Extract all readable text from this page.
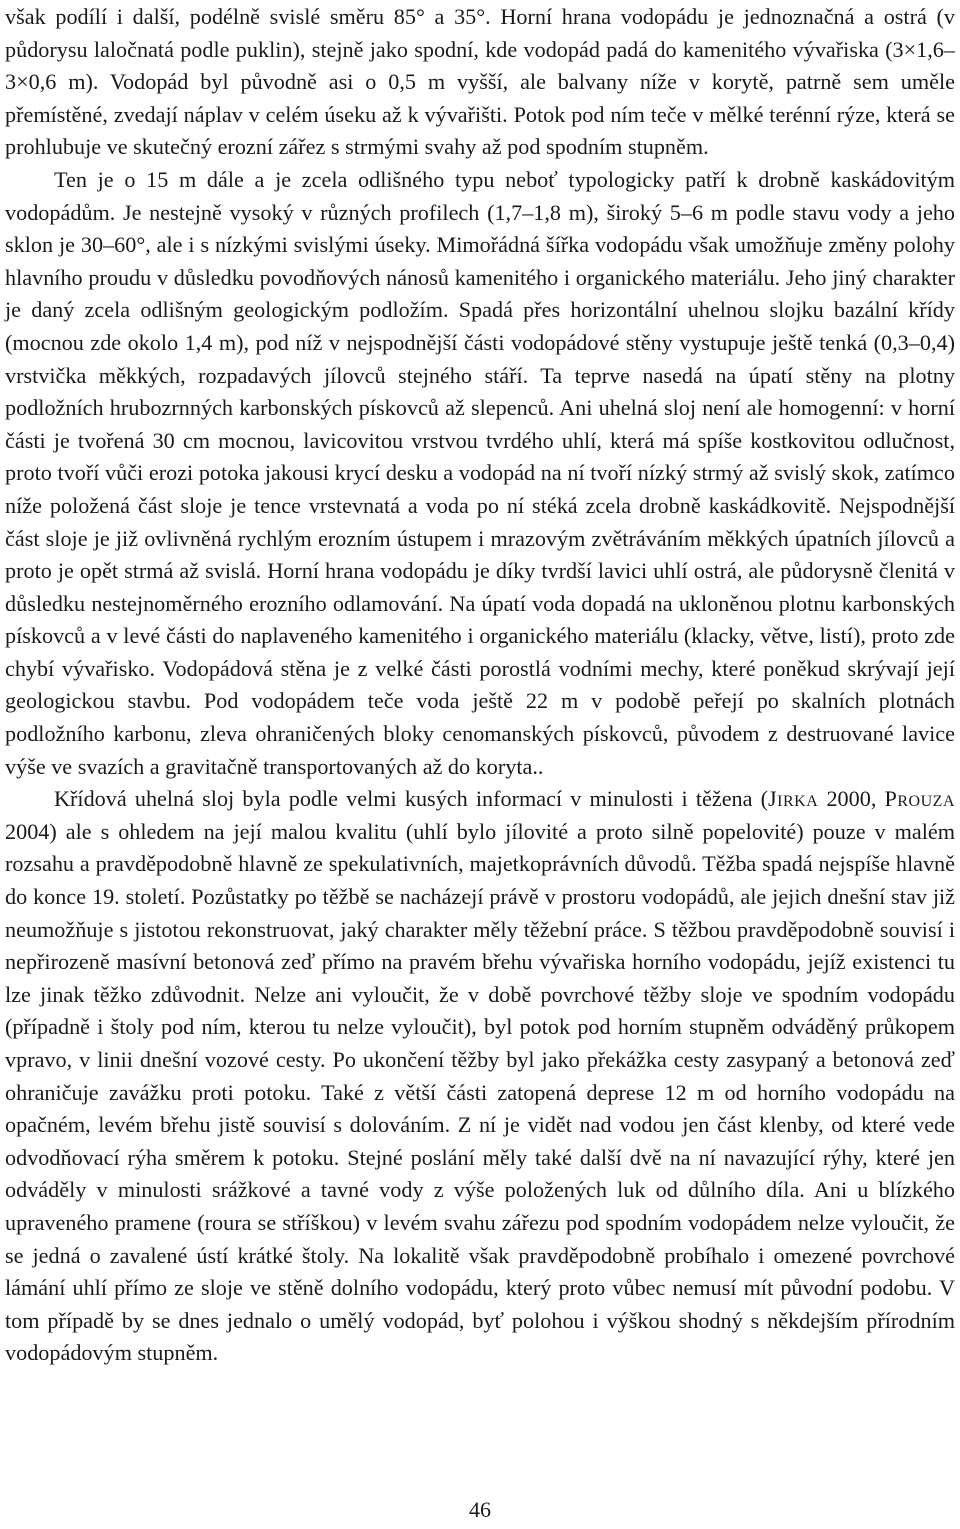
však podílí i další, podélně svislé směru 85° a 35°. Horní hrana vodopádu je jednoznačná a ostrá (v půdorysu laločnatá podle puklin), stejně jako spodní, kde vodopád padá do kamenitého vývařiska (3×1,6–3×0,6 m). Vodopád byl původně asi o 0,5 m vyšší, ale balvany níže v korytě, patrně sem uměle přemístěné, zvedají náplav v celém úseku až k vývařišti. Potok pod ním teče v mělké terénní rýze, která se prohlubuje ve skutečný erozní zářez s strmými svahy až pod spodním stupněm.

Ten je o 15 m dále a je zcela odlišného typu neboť typologicky patří k drobně kaskádovitým vodopádům. Je nestejně vysoký v různých profilech (1,7–1,8 m), široký 5–6 m podle stavu vody a jeho sklon je 30–60°, ale i s nízkými svislými úseky. Mimořádná šířka vodopádu však umožňuje změny polohy hlavního proudu v důsledku povodňových nánosů kamenitého i organického materiálu. Jeho jiný charakter je daný zcela odlišným geologickým podložím. Spadá přes horizontální uhelnou slojku bazální křídy (mocnou zde okolo 1,4 m), pod níž v nejspodnější části vodopádové stěny vystupuje ještě tenká (0,3–0,4) vrstvička měkkých, rozpadavých jílovců stejného stáří. Ta teprve nasedá na úpatí stěny na plotny podložních hrubozrnných karbonských pískovců až slepenců. Ani uhelná sloj není ale homogenní: v horní části je tvořená 30 cm mocnou, lavicovitou vrstvou tvrdého uhlí, která má spíše kostkovitou odlučnost, proto tvoří vůči erozi potoka jakousi krycí desku a vodopád na ní tvoří nízký strmý až svislý skok, zatímco níže položená část sloje je tence vrstevnatá a voda po ní stéká zcela drobně kaskádkovitě. Nejspodnější část sloje je již ovlivněná rychlým erozním ústupem i mrazovým zvětráváním měkkých úpatních jílovců a proto je opět strmá až svislá. Horní hrana vodopádu je díky tvrdší lavici uhlí ostrá, ale půdorysně členitá v důsledku nestejnoměrného erozního odlamování. Na úpatí voda dopadá na ukloněnou plotnu karbonských pískovců a v levé části do naplaveného kamenitého i organického materiálu (klacky, větve, listí), proto zde chybí vývařisko. Vodopádová stěna je z velké části porostlá vodními mechy, které poněkud skrývají její geologickou stavbu. Pod vodopádem teče voda ještě 22 m v podobě peřejí po skalních plotnách podložního karbonu, zleva ohraničených bloky cenomanských pískovců, původem z destruované lavice výše ve svazích a gravitačně transportovaných až do koryta..

Křídová uhelná sloj byla podle velmi kusých informací v minulosti i těžena (Jirka 2000, Prouza 2004) ale s ohledem na její malou kvalitu (uhlí bylo jílovité a proto silně popelovité) pouze v malém rozsahu a pravděpodobně hlavně ze spekulativních, majetkoprávních důvodů. Těžba spadá nejspíše hlavně do konce 19. století. Pozůstatky po těžbě se nacházejí právě v prostoru vodopádů, ale jejich dnešní stav již neumožňuje s jistotou rekonstruovat, jaký charakter měly těžební práce. S těžbou pravděpodobně souvisí i nepřirozeně masívní betonová zeď přímo na pravém břehu vývařiska horního vodopádu, jejíž existenci tu lze jinak těžko zdůvodnit. Nelze ani vyloučit, že v době povrchové těžby sloje ve spodním vodopádu (případně i štoly pod ním, kterou tu nelze vyloučit), byl potok pod horním stupněm odváděný průkopem vpravo, v linii dnešní vozové cesty. Po ukončení těžby byl jako překážka cesty zasypaný a betonová zeď ohraničuje zavážku proti potoku. Také z větší části zatopená deprese 12 m od horního vodopádu na opačném, levém břehu jistě souvisí s dolováním. Z ní je vidět nad vodou jen část klenby, od které vede odvodňovací rýha směrem k potoku. Stejné poslání měly také další dvě na ní navazující rýhy, které jen odváděly v minulosti srážkové a tavné vody z výše položených luk od důlního díla. Ani u blízkého upraveného pramene (roura se stříškou) v levém svahu zářezu pod spodním vodopádem nelze vyloučit, že se jedná o zavalené ústí krátké štoly. Na lokalitě však pravděpodobně probíhalo i omezené povrchové lámání uhlí přímo ze sloje ve stěně dolního vodopádu, který proto vůbec nemusí mít původní podobu. V tom případě by se dnes jednalo o umělý vodopád, byť polohou i výškou shodný s někdejším přírodním vodopádovým stupněm.

46
